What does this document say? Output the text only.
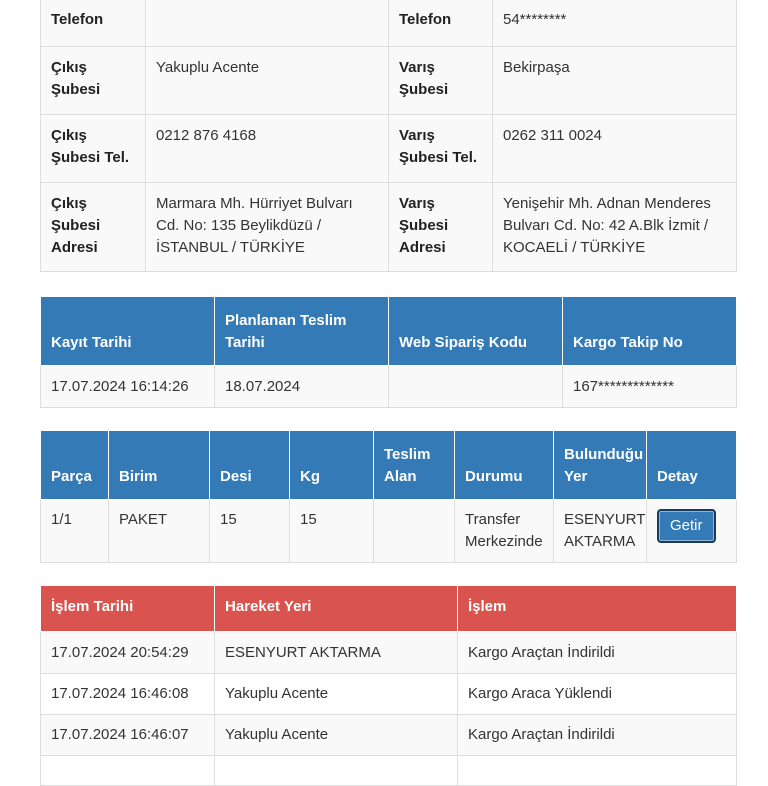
Telefon		Telefon	54********
Çıkış Şubesi	Yakuplu Acente	Varış Şubesi	Bekirpaşa
Çıkış Şubesi Tel.	0212 876 4168	Varış Şubesi Tel.	0262 311 0024
Çıkış Şubesi Adresi	Marmara Mh. Hürriyet Bulvarı Cd. No: 135 Beylikdüzü / İSTANBUL / TÜRKİYE	Varış Şubesi Adresi	Yenişehir Mh. Adnan Menderes Bulvarı Cd. No: 42 A.Blk İzmit / KOCAELİ / TÜRKİYE
Kayıt Tarihi	Planlanan Teslim Tarihi	Web Sipariş Kodu	Kargo Takip No
17.07.2024 16:14:26	18.07.2024		167*************
Parça	Birim	Desi	Kg	Teslim Alan	Durumu	Bulunduğu Yer	Detay
1/1	PAKET	15	15		Transfer Merkezinde	ESENYURT AKTARMA	Getir
İşlem Tarihi	Hareket Yeri	İşlem
17.07.2024 20:54:29	ESENYURT AKTARMA	Kargo Araçtan İndirildi
17.07.2024 16:46:08	Yakuplu Acente	Kargo Araca Yüklendi
17.07.2024 16:46:07	Yakuplu Acente	Kargo Araçtan İndirildi
